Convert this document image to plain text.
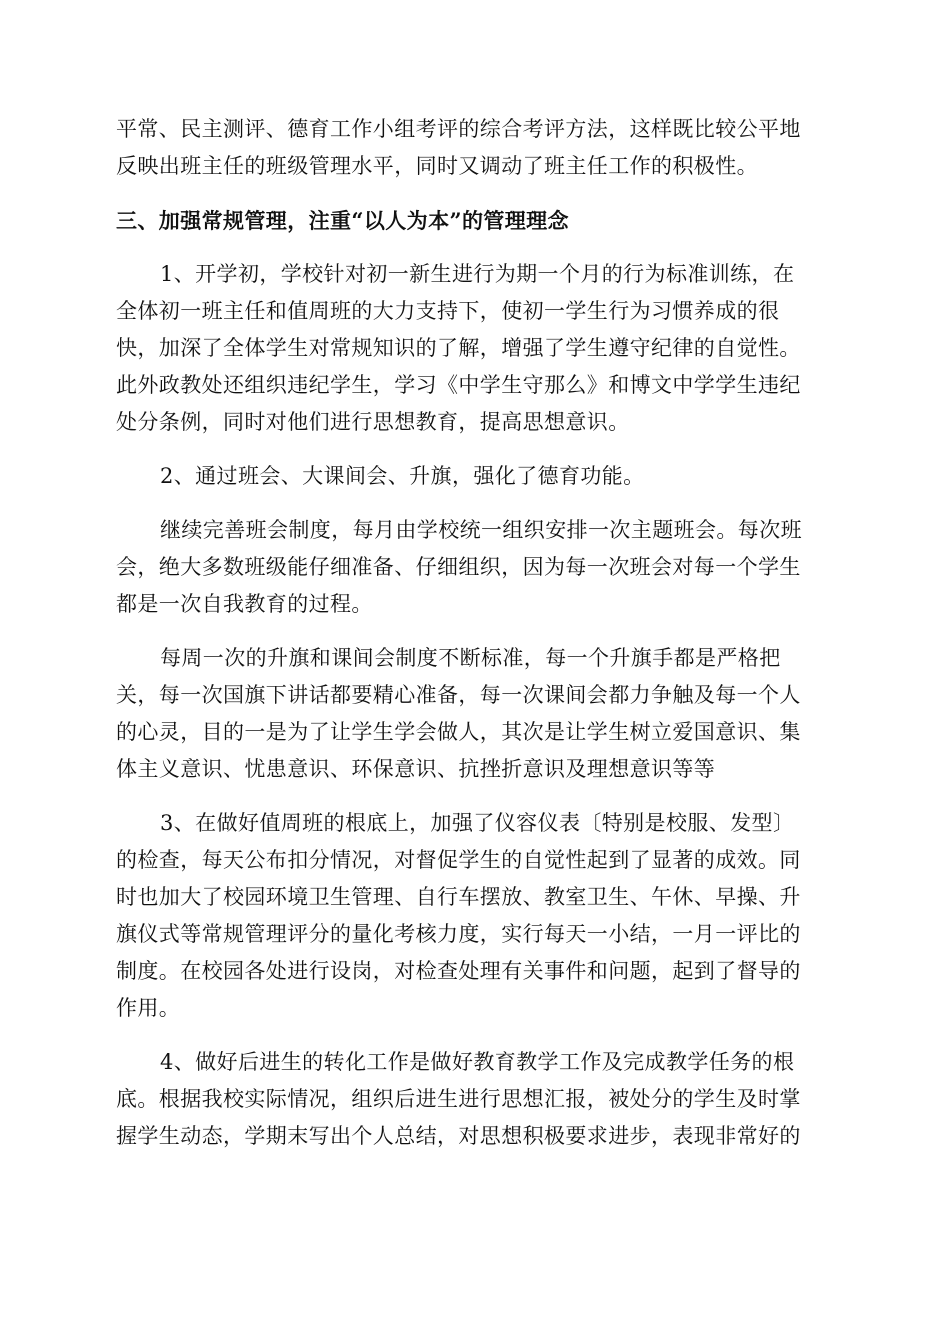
平常、民主测评、德育工作小组考评的综合考评方法，这样既比较公平地
反映出班主任的班级管理水平，同时又调动了班主任工作的积极性。
三、加强常规管理，注重“以人为本”的管理理念
1、开学初，学校针对初一新生进行为期一个月的行为标准训练，在
全体初一班主任和值周班的大力支持下，使初一学生行为习惯养成的很
快，加深了全体学生对常规知识的了解，增强了学生遵守纪律的自觉性。
此外政教处还组织违纪学生，学习《中学生守那么》和博文中学学生违纪
处分条例，同时对他们进行思想教育，提高思想意识。
2、通过班会、大课间会、升旗，强化了德育功能。
继续完善班会制度，每月由学校统一组织安排一次主题班会。每次班
会，绝大多数班级能仔细准备、仔细组织，因为每一次班会对每一个学生
都是一次自我教育的过程。
每周一次的升旗和课间会制度不断标准，每一个升旗手都是严格把
关，每一次国旗下讲话都要精心准备，每一次课间会都力争触及每一个人
的心灵，目的一是为了让学生学会做人，其次是让学生树立爱国意识、集
体主义意识、忧患意识、环保意识、抗挫折意识及理想意识等等
3、在做好值周班的根底上，加强了仪容仪表〔特别是校服、发型〕
的检查，每天公布扣分情况，对督促学生的自觉性起到了显著的成效。同
时也加大了校园环境卫生管理、自行车摆放、教室卫生、午休、早操、升
旗仪式等常规管理评分的量化考核力度，实行每天一小结，一月一评比的
制度。在校园各处进行设岗，对检查处理有关事件和问题，起到了督导的
作用。
4、做好后进生的转化工作是做好教育教学工作及完成教学任务的根
底。根据我校实际情况，组织后进生进行思想汇报，被处分的学生及时掌
握学生动态，学期末写出个人总结，对思想积极要求进步，表现非常好的
